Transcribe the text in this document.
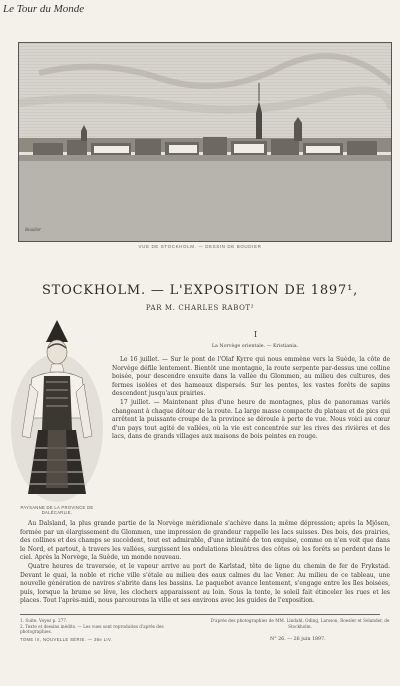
Le Tour du Monde
Boudier
VUE DE STOCKHOLM. — DESSIN DE BOUDIER
STOCKHOLM. — L'EXPOSITION DE 1897¹,
PAR M. CHARLES RABOT²
PAYSANNE DE LA PROVINCE DE DALÉCARLIE.
I
La Norvège orientale. — Kristiania.

Le 16 juillet. — Sur le pont de l'Olaf Kyrre qui nous emmène vers la Suède, la côte de Norvège défile lentement. Bientôt une montagne, la route serpente par-dessus une colline boisée, pour descendre ensuite dans la vallée du Glommen, au milieu des cultures, des fermes isolées et des hameaux dispersés. Sur les pentes, les vastes forêts de sapins descendent jusqu'aux prairies.

17 juillet. — Maintenant plus d'une heure de montagnes, plus de panoramas variés changeant à chaque détour de la route. La large masse compacte du plateau et de pics qui arrêtent la puissante croupe de la province se déroule à perte de vue. Nous voici au cœur d'un pays tout agité de vallées, où la vie est concentrée sur les rives des rivières et des lacs, dans de grands villages aux maisons de bois peintes en rouge.

Au Dalsland, la plus grande partie de la Norvège méridionale s'achève dans la même dépression; après la Mjösen, formée par un élargissement du Glommen, une impression de grandeur rappelle les lacs suisses. Des bois, des prairies, des collines et des champs se succèdent, tout est admirable, d'une intimité de ton exquise, comme on n'en voit que dans le Nord, et partout, à travers les vallées, surgissent les ondulations bleuâtres des côtes où les forêts se perdent dans le ciel. Après la Norvège, la Suède, un monde nouveau.

Quatre heures de traversée, et le vapeur arrive au port de Karlstad, tête de ligne du chemin de fer de Frykstad. Devant le quai, la noble et riche ville s'étale au milieu des eaux calmes du lac Vener. Au milieu de ce tableau, une nouvelle génération de navires s'abrite dans les bassins. Le paquebot avance lentement, s'engage entre les îles boisées, puis, lorsque la brume se lève, les clochers apparaissent au loin. Sous la tente, le soleil fait étinceler les rues et les places. Tout l'après-midi, nous parcourons la ville et ses environs avec les guides de l'exposition.

1. Suite. Voyez p. 277.
2. Texte et dessins inédits. — Les vues sont reproduites d'après des photographies.
D'après des photographies de MM. Lindahl, Oding, Larsson, Roesler et Selander, de Stockholm.
TOME III, NOUVELLE SÉRIE. — 26e LIV.	N° 26. — 26 juin 1897.
